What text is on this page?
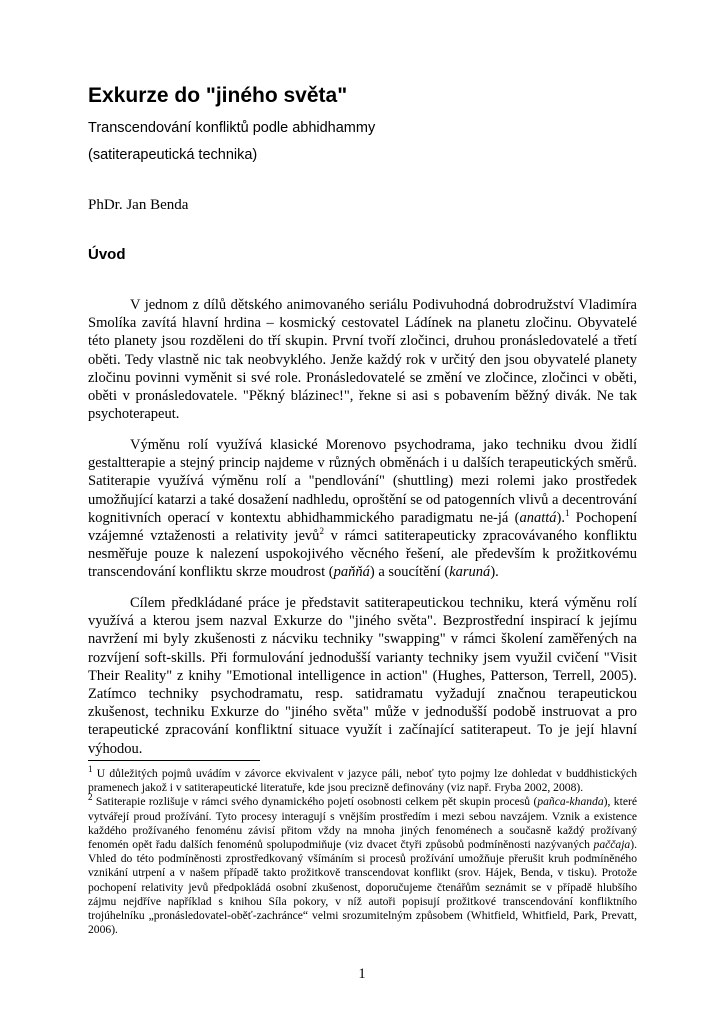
Exkurze do "jiného světa"

Transcendování konfliktů podle abhidhammy

(satiterapeutická technika)

PhDr. Jan Benda

Úvod

V jednom z dílů dětského animovaného seriálu Podivuhodná dobrodružství Vladimíra Smolíka zavítá hlavní hrdina – kosmický cestovatel Ládínek na planetu zločinu. Obyvatelé této planety jsou rozděleni do tří skupin. První tvoří zločinci, druhou pronásledovatelé a třetí oběti. Tedy vlastně nic tak neobvyklého. Jenže každý rok v určitý den jsou obyvatelé planety zločinu povinni vyměnit si své role. Pronásledovatelé se změní ve zločince, zločinci v oběti, oběti v pronásledovatele. "Pěkný blázinec!", řekne si asi s pobavením běžný divák. Ne tak psychoterapeut.

Výměnu rolí využívá klasické Morenovo psychodrama, jako techniku dvou židlí gestaltterapie a stejný princip najdeme v různých obměnách i u dalších terapeutických směrů. Satiterapie využívá výměnu rolí a "pendlování" (shuttling) mezi rolemi jako prostředek umožňující katarzi a také dosažení nadhledu, oproštění se od patogenních vlivů a decentrování kognitivních operací v kontextu abhidhammického paradigmatu ne-já (anattá).$^1$ Pochopení vzájemné vztaženosti a relativity jevů$^2$ v rámci satiterapeuticky zpracovávaného konfliktu nesměřuje pouze k nalezení uspokojivého věcného řešení, ale především k prožitkovému transcendování konfliktu skrze moudrost (paňňá) a soucítění (karuná).

Cílem předkládané práce je představit satiterapeutickou techniku, která výměnu rolí využívá a kterou jsem nazval Exkurze do "jiného světa". Bezprostřední inspirací k jejímu navržení mi byly zkušenosti z nácviku techniky "swapping" v rámci školení zaměřených na rozvíjení soft-skills. Při formulování jednodušší varianty techniky jsem využil cvičení "Visit Their Reality" z knihy "Emotional intelligence in action" (Hughes, Patterson, Terrell, 2005). Zatímco techniky psychodramatu, resp. satidramatu vyžadují značnou terapeutickou zkušenost, techniku Exkurze do "jiného světa" může v jednodušší podobě instruovat a pro terapeutické zpracování konfliktní situace využít i začínající satiterapeut. To je její hlavní výhodou.

$^1$ U důležitých pojmů uvádím v závorce ekvivalent v jazyce páli, neboť tyto pojmy lze dohledat v buddhistických pramenech jakož i v satiterapeutické literatuře, kde jsou precizně definovány (viz např. Fryba 2002, 2008).

$^2$ Satiterapie rozlišuje v rámci svého dynamického pojetí osobnosti celkem pět skupin procesů (pañca-khanda), které vytvářejí proud prožívání. Tyto procesy interagují s vnějším prostředím i mezi sebou navzájem. Vznik a existence každého prožívaného fenoménu závisí přitom vždy na mnoha jiných fenoménech a současně každý prožívaný fenomén opět řadu dalších fenoménů spolupodmiňuje (viz dvacet čtyři způsobů podmíněnosti nazývaných paččaja). Vhled do této podmíněnosti zprostředkovaný všímáním si procesů prožívání umožňuje přerušit kruh podmíněného vznikání utrpení a v našem případě takto prožitkově transcendovat konflikt (srov. Hájek, Benda, v tisku). Protože pochopení relativity jevů předpokládá osobní zkušenost, doporučujeme čtenářům seznámit se v případě hlubšího zájmu nejdříve například s knihou Síla pokory, v níž autoři popisují prožitkové transcendování konfliktního trojúhelníku „pronásledovatel-oběť-zachránce“ velmi srozumitelným způsobem (Whitfield, Whitfield, Park, Prevatt, 2006).

1
